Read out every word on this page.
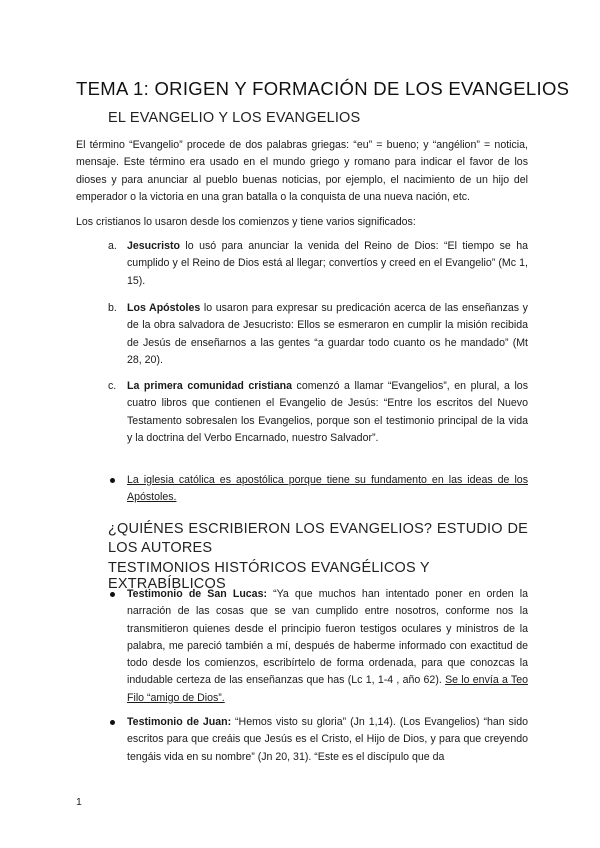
TEMA 1: ORIGEN Y FORMACIÓN DE LOS EVANGELIOS
EL EVANGELIO Y LOS EVANGELIOS
El término “Evangelio” procede de dos palabras griegas: “eu” = bueno; y “angélion” = noticia, mensaje. Este término era usado en el mundo griego y romano para indicar el favor de los dioses y para anunciar al pueblo buenas noticias, por ejemplo, el nacimiento de un hijo del emperador o la victoria en una gran batalla o la conquista de una nueva nación, etc.
Los cristianos lo usaron desde los comienzos y tiene varios significados:
a. Jesucristo lo usó para anunciar la venida del Reino de Dios: “El tiempo se ha cumplido y el Reino de Dios está al llegar; convertíos y creed en el Evangelio” (Mc 1, 15).
b. Los Apóstoles lo usaron para expresar su predicación acerca de las enseñanzas y de la obra salvadora de Jesucristo: Ellos se esmeraron en cumplir la misión recibida de Jesús de enseñarnos a las gentes “a guardar todo cuanto os he mandado” (Mt 28, 20).
c.	La primera comunidad cristiana comenzó a llamar “Evangelios”, en plural, a los cuatro libros que contienen el Evangelio de Jesús: “Entre los escritos del Nuevo Testamento sobresalen los Evangelios, porque son el testimonio principal de la vida y la doctrina del Verbo Encarnado, nuestro Salvador”.
La iglesia católica es apostólica porque tiene su fundamento en las ideas de los Apóstoles.
¿QUIÉNES ESCRIBIERON LOS EVANGELIOS? ESTUDIO DE LOS AUTORES
TESTIMONIOS HISTÓRICOS EVANGÉLICOS Y EXTRABÍBLICOS
Testimonio de San Lucas: “Ya que muchos han intentado poner en orden la narración de las cosas que se van cumplido entre nosotros, conforme nos la transmitieron quienes desde el principio fueron testigos oculares y ministros de la palabra, me pareció también a mí, después de haberme informado con exactitud de todo desde los comienzos, escribírtelo de forma ordenada, para que conozcas la indudable certeza de las enseñanzas que has (Lc 1, 1-4 , año 62). Se lo envía a Teo Filo “amigo de Dios”.
Testimonio de Juan: “Hemos visto su gloria” (Jn 1,14). (Los Evangelios) “han sido escritos para que creáis que Jesús es el Cristo, el Hijo de Dios, y para que creyendo tengáis vida en su nombre” (Jn 20, 31). “Este es el discípulo que da
1
